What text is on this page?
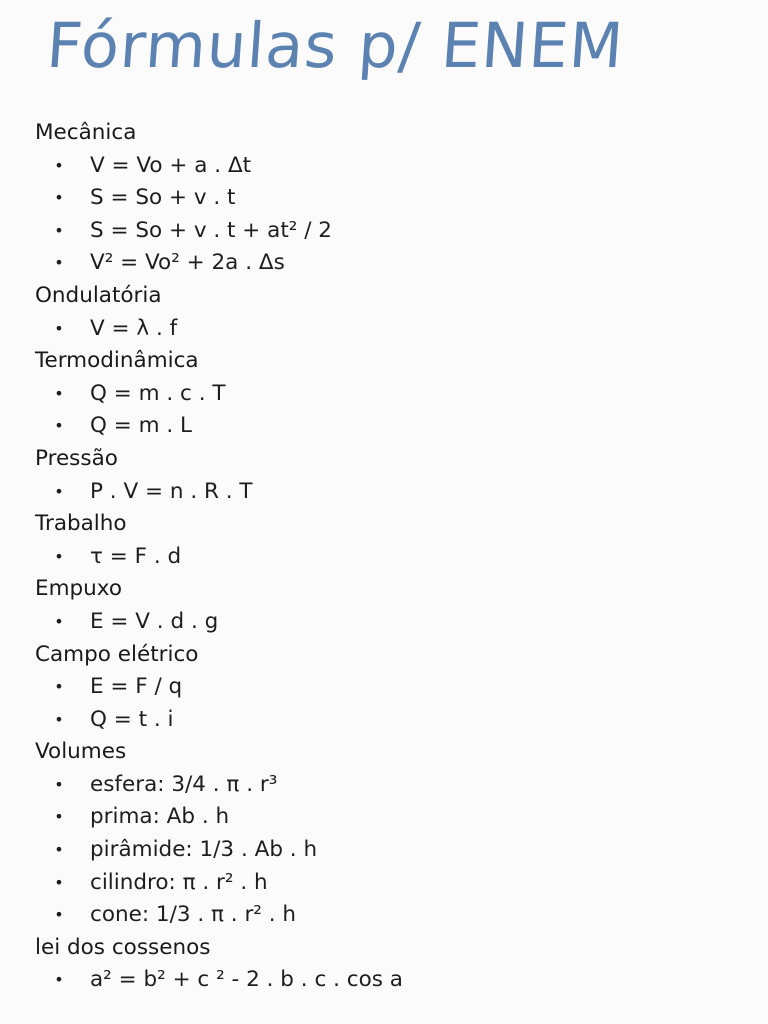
Fórmulas p/ ENEM
Mecânica
• V = Vo + a . Δt
• S = So + v . t
• S = So + v . t + at² / 2
• V² = Vo² + 2a . Δs
Ondulatória
• V = λ . f
Termodinâmica
• Q = m . c . T
• Q = m . L
Pressão
• P . V = n . R . T
Trabalho
• τ = F . d
Empuxo
• E = V . d . g
Campo elétrico
• E = F / q
• Q = t . i
Volumes
• esfera: 3/4 . π . r³
• prima: Ab . h
• pirâmide: 1/3 . Ab . h
• cilindro: π . r² . h
• cone: 1/3 . π . r² . h
lei dos cossenos
• a² = b² + c ² - 2 . b . c . cos a
